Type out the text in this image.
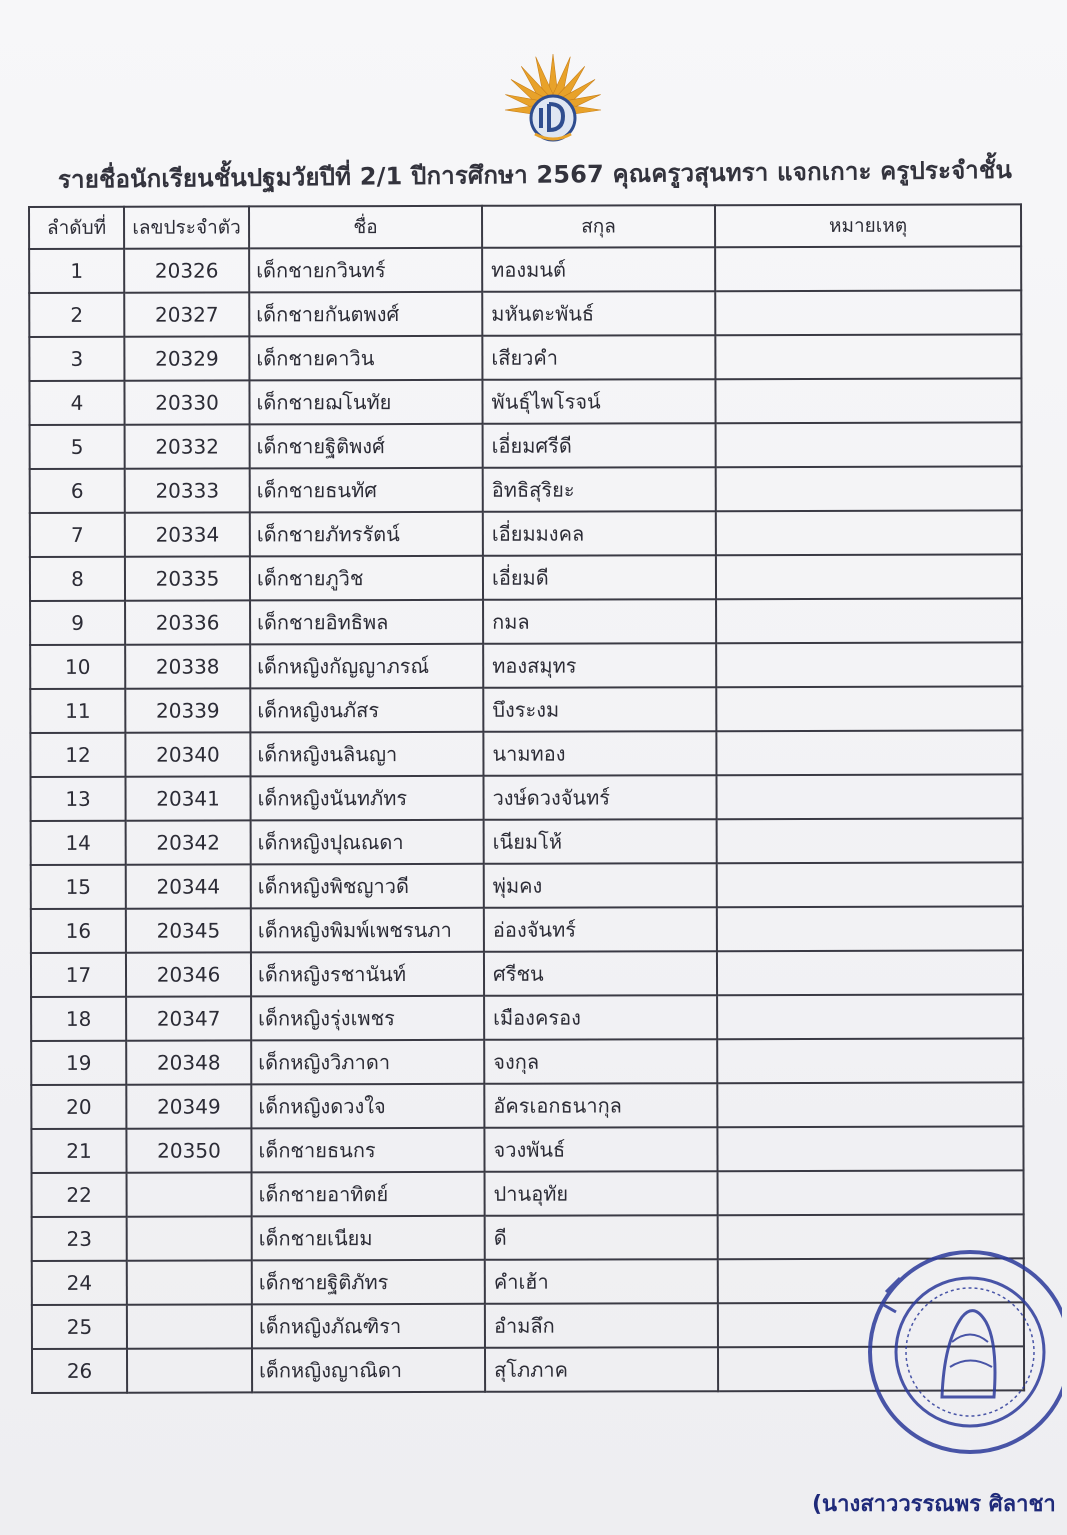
รายชื่อนักเรียนชั้นปฐมวัยปีที่ 2/1 ปีการศึกษา 2567 คุณครูวสุนทรา แจกเกาะ ครูประจำชั้น
ลำดับที่	เลขประจำตัว	ชื่อ	สกุล	หมายเหตุ
1	20326	เด็กชายกวินทร์	ทองมนต์	
2	20327	เด็กชายกันตพงศ์	มหันตะพันธ์	
3	20329	เด็กชายคาวิน	เสียวคำ	
4	20330	เด็กชายฌโนทัย	พันธุ์ไพโรจน์	
5	20332	เด็กชายฐิติพงศ์	เอี่ยมศรีดี	
6	20333	เด็กชายธนทัศ	อิทธิสุริยะ	
7	20334	เด็กชายภัทรรัตน์	เอี่ยมมงคล	
8	20335	เด็กชายภูวิช	เอี่ยมดี	
9	20336	เด็กชายอิทธิพล	กมล	
10	20338	เด็กหญิงกัญญาภรณ์	ทองสมุทร	
11	20339	เด็กหญิงนภัสร	บึงระงม	
12	20340	เด็กหญิงนลินญา	นามทอง	
13	20341	เด็กหญิงนันทภัทร	วงษ์ดวงจันทร์	
14	20342	เด็กหญิงปุณณดา	เนียมโห้	
15	20344	เด็กหญิงพิชญาวดี	พุ่มคง	
16	20345	เด็กหญิงพิมพ์เพชรนภา	อ่องจันทร์	
17	20346	เด็กหญิงรชานันท์	ศรีชน	
18	20347	เด็กหญิงรุ่งเพชร	เมืองครอง	
19	20348	เด็กหญิงวิภาดา	จงกุล	
20	20349	เด็กหญิงดวงใจ	อัครเอกธนากุล	
21	20350	เด็กชายธนกร	จวงพันธ์	
22		เด็กชายอาทิตย์	ปานอุทัย	
23		เด็กชายเนียม	ดี	
24		เด็กชายฐิติภัทร	คำเฮ้า	
25		เด็กหญิงภัณฑิรา	อำมลึก	
26		เด็กหญิงญาณิดา	สุโภภาค	
(นางสาววรรณพร ศิลาชา
